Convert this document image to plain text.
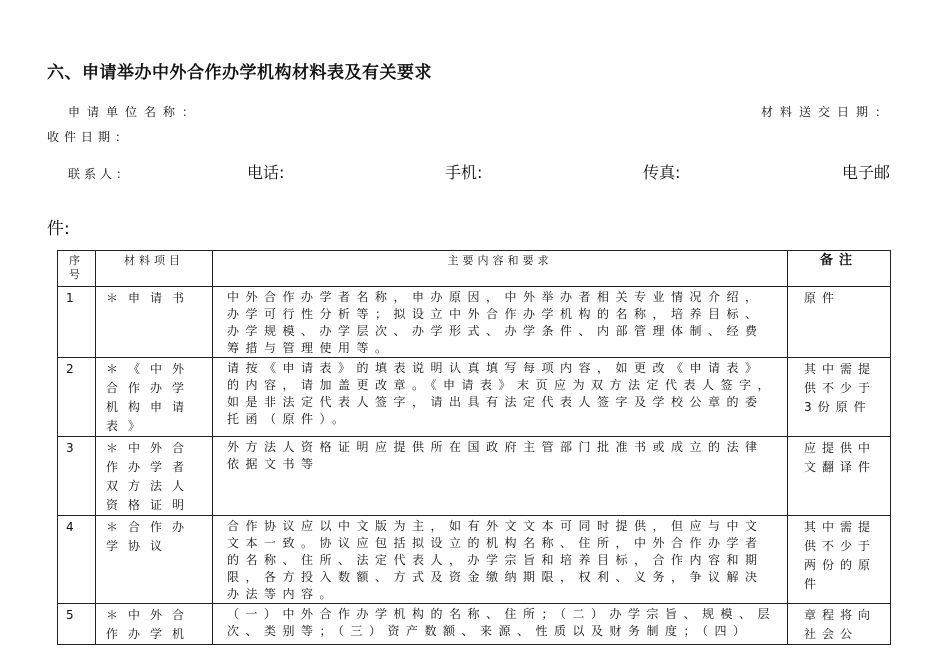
六、申请举办中外合作办学机构材料表及有关要求
申请单位名称：	材料送交日期：
收件日期：
联系人：	电话:	手机:	传真:	电子邮
件:
序号	材料项目	主要内容和要求	备注
1	＊申请书	中外合作办学者名称，申办原因，中外举办者相关专业情况介绍，办学可行性分析等；拟设立中外合作办学机构的名称，培养目标、办学规模、办学层次、办学形式、办学条件、内部管理体制、经费筹措与管理使用等。	原件
2	＊《中外合作办学机构申请表》	请按《申请表》的填表说明认真填写每项内容，如更改《申请表》的内容，请加盖更改章。《申请表》末页应为双方法定代表人签字，如是非法定代表人签字，请出具有法定代表人签字及学校公章的委托函（原件）。	其中需提供不少于3份原件
3	＊中外合作办学者双方法人资格证明	外方法人资格证明应提供所在国政府主管部门批准书或成立的法律依据文书等	应提供中文翻译件
4	＊合作办学协议	合作协议应以中文版为主，如有外文文本可同时提供，但应与中文文本一致。协议应包括拟设立的机构名称、住所，中外合作办学者的名称、住所、法定代表人，办学宗旨和培养目标，合作内容和期限，各方投入数额、方式及资金缴纳期限，权利、义务，争议解决办法等内容。	其中需提供不少于两份的原件
5	＊中外合作办学机	（一）中外合作办学机构的名称、住所；（二）办学宗旨、规模、层次、类别等；（三）资产数额、来源、性质以及财务制度；（四）	章程将向社会公
